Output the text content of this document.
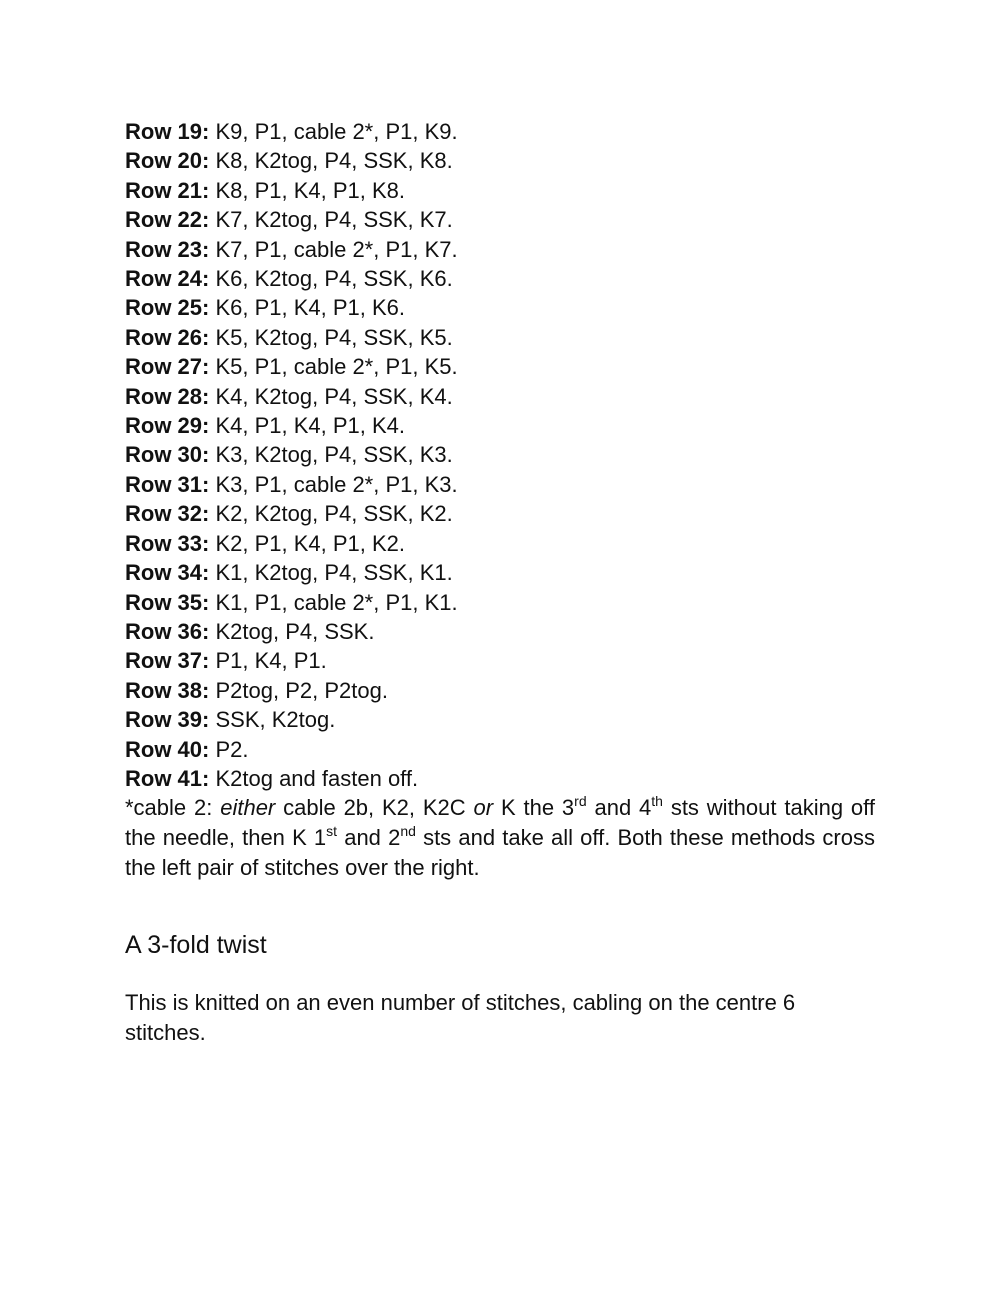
Row 19: K9, P1, cable 2*, P1, K9.
Row 20: K8, K2tog, P4, SSK, K8.
Row 21: K8, P1, K4, P1, K8.
Row 22: K7, K2tog, P4, SSK, K7.
Row 23: K7, P1, cable 2*, P1, K7.
Row 24: K6, K2tog, P4, SSK, K6.
Row 25: K6, P1, K4, P1, K6.
Row 26: K5, K2tog, P4, SSK, K5.
Row 27: K5, P1, cable 2*, P1, K5.
Row 28: K4, K2tog, P4, SSK, K4.
Row 29: K4, P1, K4, P1, K4.
Row 30: K3, K2tog, P4, SSK, K3.
Row 31: K3, P1, cable 2*, P1, K3.
Row 32: K2, K2tog, P4, SSK, K2.
Row 33: K2, P1, K4, P1, K2.
Row 34: K1, K2tog, P4, SSK, K1.
Row 35: K1, P1, cable 2*, P1, K1.
Row 36: K2tog, P4, SSK.
Row 37: P1, K4, P1.
Row 38: P2tog, P2, P2tog.
Row 39: SSK, K2tog.
Row 40: P2.
Row 41: K2tog and fasten off.

*cable 2: either cable 2b, K2, K2C or K the 3rd and 4th sts without taking off the needle, then K 1st and 2nd sts and take all off. Both these methods cross the left pair of stitches over the right.

A 3-fold twist

This is knitted on an even number of stitches, cabling on the centre 6 stitches.
